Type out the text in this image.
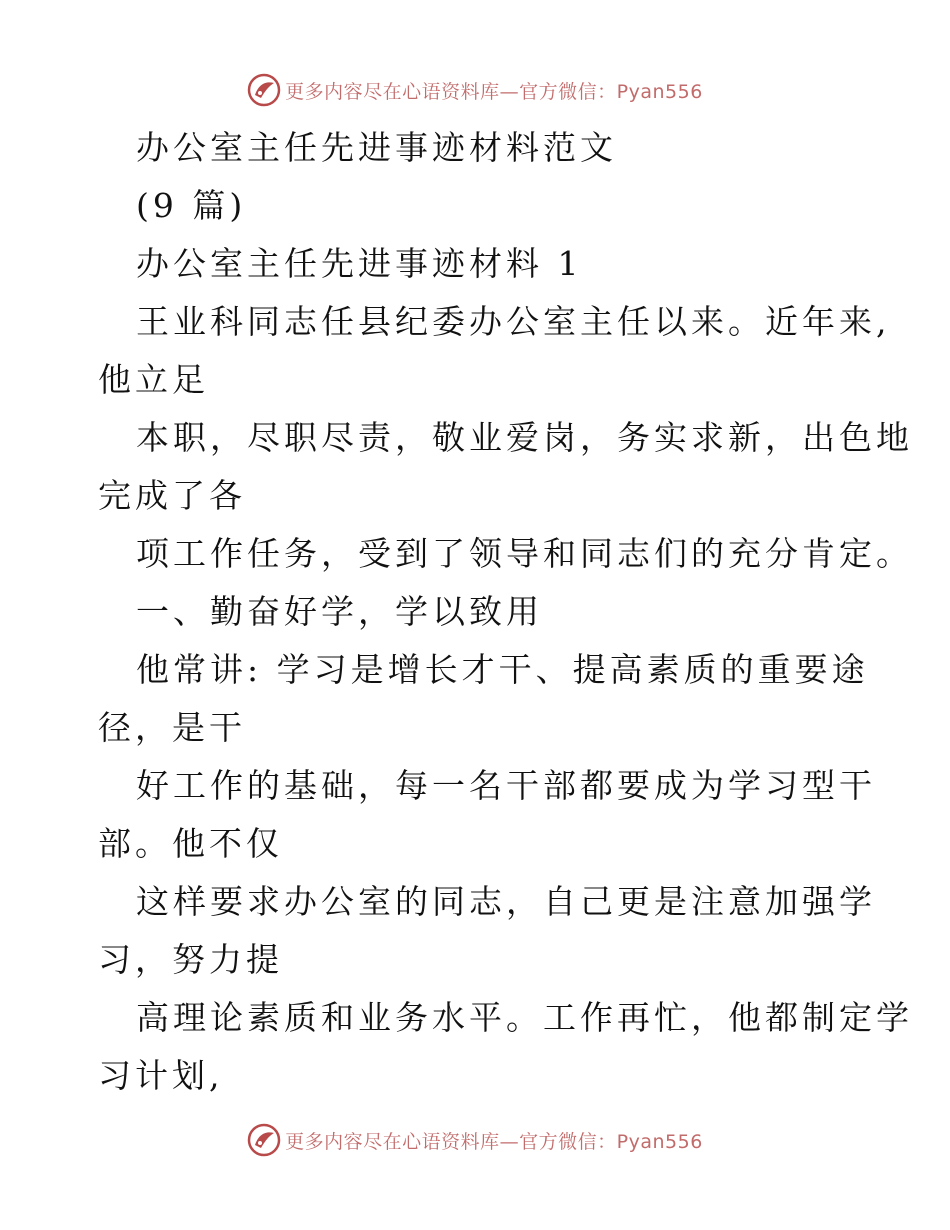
更多内容尽在心语资料库—官方微信：Pyan556
办公室主任先进事迹材料范文
(9 篇)
办公室主任先进事迹材料 1
王业科同志任县纪委办公室主任以来。近年来,
他立足
本职，尽职尽责，敬业爱岗，务实求新，出色地
完成了各
项工作任务，受到了领导和同志们的充分肯定。
一、勤奋好学，学以致用
他常讲: 学习是增长才干、提高素质的重要途
径，是干
好工作的基础，每一名干部都要成为学习型干
部。他不仅
这样要求办公室的同志，自己更是注意加强学
习，努力提
高理论素质和业务水平。工作再忙，他都制定学
习计划,
更多内容尽在心语资料库—官方微信：Pyan556
